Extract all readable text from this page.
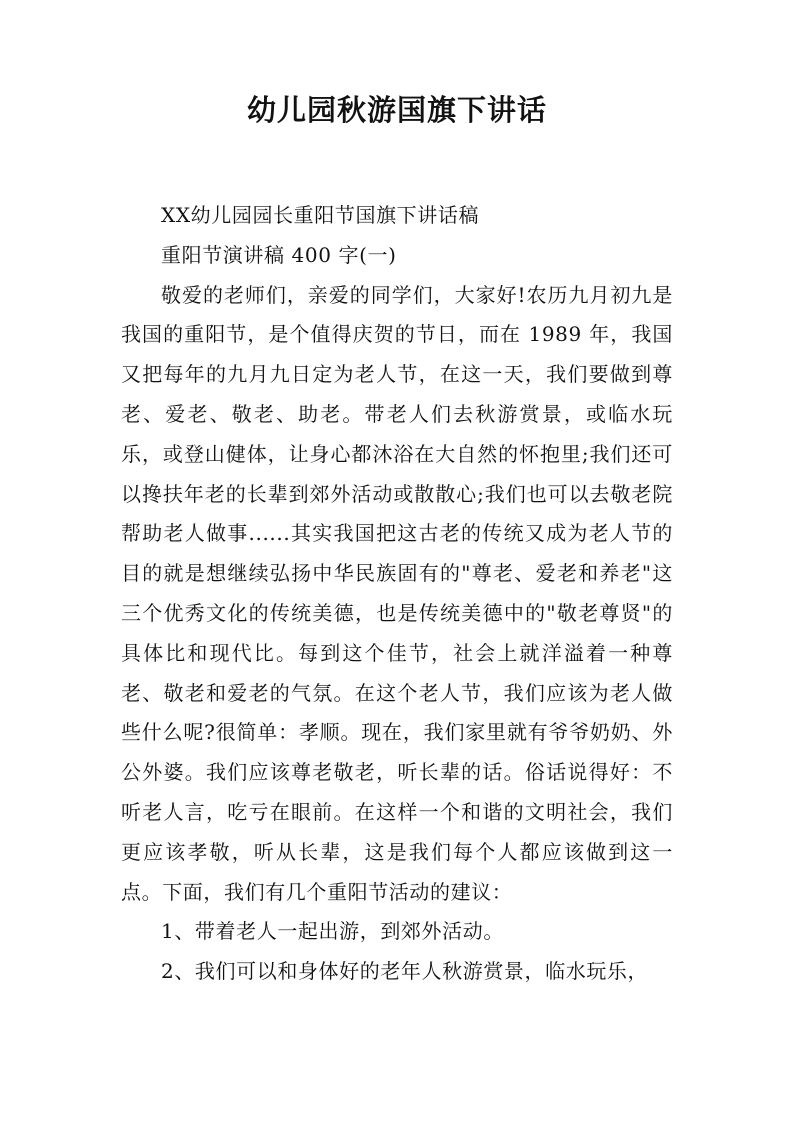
幼儿园秋游国旗下讲话

XX幼儿园园长重阳节国旗下讲话稿

重阳节演讲稿 400 字(一)

敬爱的老师们，亲爱的同学们，大家好!农历九月初九是我国的重阳节，是个值得庆贺的节日，而在 1989 年，我国又把每年的九月九日定为老人节，在这一天，我们要做到尊老、爱老、敬老、助老。带老人们去秋游赏景，或临水玩乐，或登山健体，让身心都沐浴在大自然的怀抱里;我们还可以搀扶年老的长辈到郊外活动或散散心;我们也可以去敬老院帮助老人做事......其实我国把这古老的传统又成为老人节的目的就是想继续弘扬中华民族固有的"尊老、爱老和养老"这三个优秀文化的传统美德，也是传统美德中的"敬老尊贤"的具体比和现代比。每到这个佳节，社会上就洋溢着一种尊老、敬老和爱老的气氛。在这个老人节，我们应该为老人做些什么呢?很简单：孝顺。现在，我们家里就有爷爷奶奶、外公外婆。我们应该尊老敬老，听长辈的话。俗话说得好：不听老人言，吃亏在眼前。在这样一个和谐的文明社会，我们更应该孝敬，听从长辈，这是我们每个人都应该做到这一点。下面，我们有几个重阳节活动的建议：

1、带着老人一起出游，到郊外活动。

2、我们可以和身体好的老年人秋游赏景，临水玩乐，
